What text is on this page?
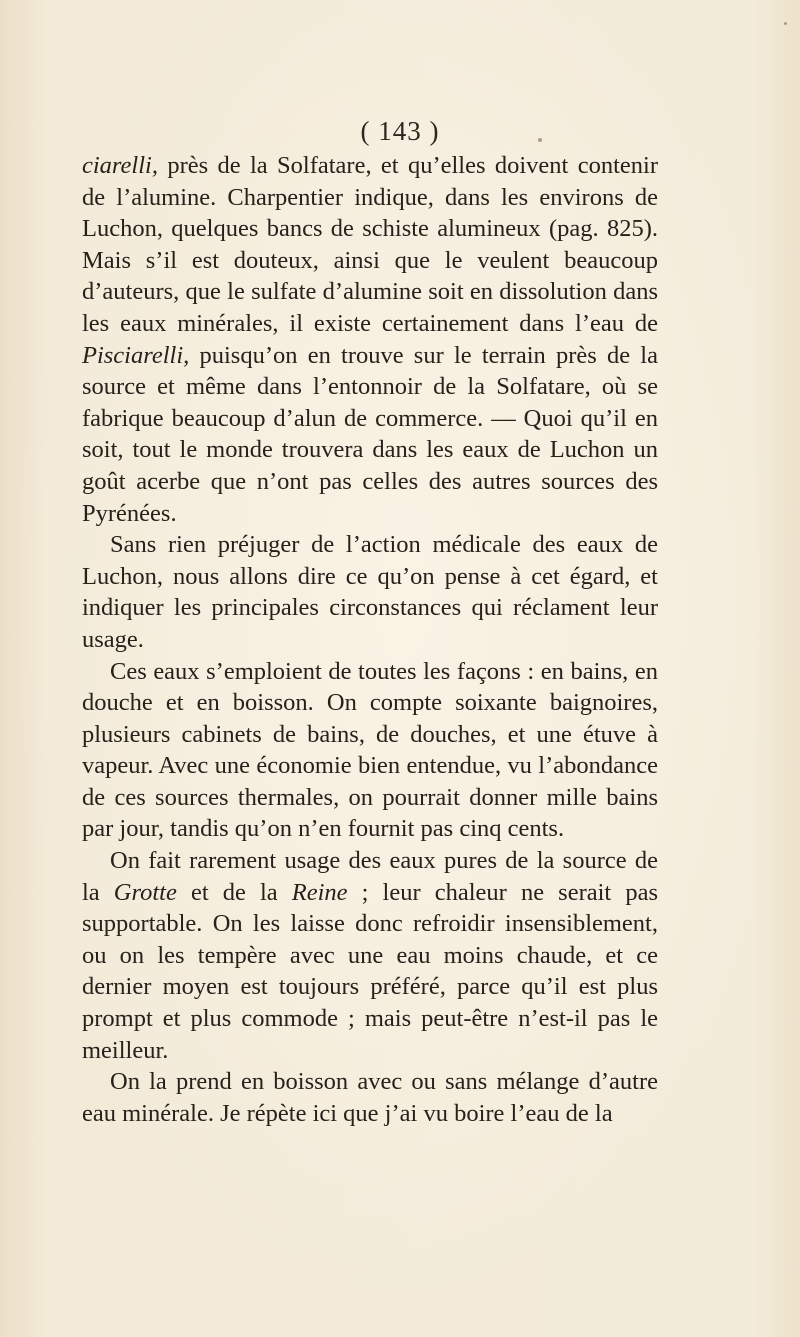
( 143 )

ciarelli, près de la Solfatare, et qu’elles doivent contenir de l’alumine. Charpentier indique, dans les environs de Luchon, quelques bancs de schiste alumineux (pag. 825). Mais s’il est douteux, ainsi que le veulent beaucoup d’auteurs, que le sulfate d’alumine soit en dissolution dans les eaux minérales, il existe certainement dans l’eau de Pisciarelli, puisqu’on en trouve sur le terrain près de la source et même dans l’entonnoir de la Solfatare, où se fabrique beaucoup d’alun de commerce. — Quoi qu’il en soit, tout le monde trouvera dans les eaux de Luchon un goût acerbe que n’ont pas celles des autres sources des Pyrénées.

Sans rien préjuger de l’action médicale des eaux de Luchon, nous allons dire ce qu’on pense à cet égard, et indiquer les principales circonstances qui réclament leur usage.

Ces eaux s’emploient de toutes les façons : en bains, en douche et en boisson. On compte soixante baignoires, plusieurs cabinets de bains, de douches, et une étuve à vapeur. Avec une économie bien entendue, vu l’abondance de ces sources thermales, on pourrait donner mille bains par jour, tandis qu’on n’en fournit pas cinq cents.

On fait rarement usage des eaux pures de la source de la Grotte et de la Reine ; leur chaleur ne serait pas supportable. On les laisse donc refroidir insensiblement, ou on les tempère avec une eau moins chaude, et ce dernier moyen est toujours préféré, parce qu’il est plus prompt et plus commode ; mais peut-être n’est-il pas le meilleur.

On la prend en boisson avec ou sans mélange d’autre eau minérale. Je répète ici que j’ai vu boire l’eau de la
